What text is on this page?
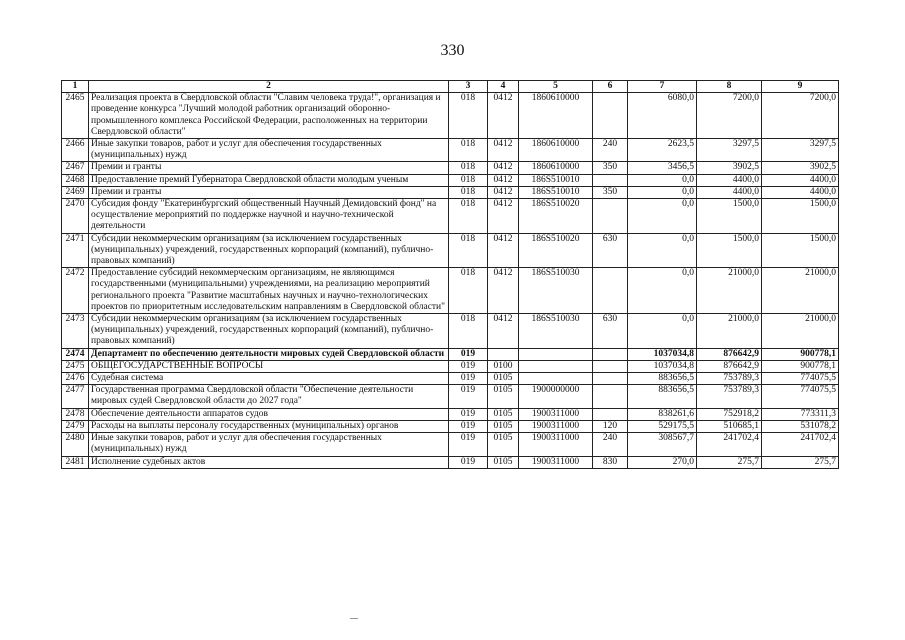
330
1	2	3	4	5	6	7	8	9
2465	Реализация проекта в Свердловской области "Славим человека труда!", организация и проведение конкурса "Лучший молодой работник организаций оборонно-промышленного комплекса Российской Федерации, расположенных на территории Свердловской области"	018	0412	1860610000		6080,0	7200,0	7200,0
2466	Иные закупки товаров, работ и услуг для обеспечения государственных (муниципальных) нужд	018	0412	1860610000	240	2623,5	3297,5	3297,5
2467	Премии и гранты	018	0412	1860610000	350	3456,5	3902,5	3902,5
2468	Предоставление премий Губернатора Свердловской области молодым ученым	018	0412	186S510010		0,0	4400,0	4400,0
2469	Премии и гранты	018	0412	186S510010	350	0,0	4400,0	4400,0
2470	Субсидия фонду "Екатеринбургский общественный Научный Демидовский фонд" на осуществление мероприятий по поддержке научной и научно-технической деятельности	018	0412	186S510020		0,0	1500,0	1500,0
2471	Субсидии некоммерческим организациям (за исключением государственных (муниципальных) учреждений, государственных корпораций (компаний), публично-правовых компаний)	018	0412	186S510020	630	0,0	1500,0	1500,0
2472	Предоставление субсидий некоммерческим организациям, не являющимся государственными (муниципальными) учреждениями, на реализацию мероприятий регионального проекта "Развитие масштабных научных и научно-технологических проектов по приоритетным исследовательским направлениям в Свердловской области"	018	0412	186S510030		0,0	21000,0	21000,0
2473	Субсидии некоммерческим организациям (за исключением государственных (муниципальных) учреждений, государственных корпораций (компаний), публично-правовых компаний)	018	0412	186S510030	630	0,0	21000,0	21000,0
2474	Департамент по обеспечению деятельности мировых судей Свердловской области	019				1037034,8	876642,9	900778,1
2475	ОБЩЕГОСУДАРСТВЕННЫЕ ВОПРОСЫ	019	0100			1037034,8	876642,9	900778,1
2476	Судебная система	019	0105			883656,5	753789,3	774075,5
2477	Государственная программа Свердловской области "Обеспечение деятельности мировых судей Свердловской области до 2027 года"	019	0105	1900000000		883656,5	753789,3	774075,5
2478	Обеспечение деятельности аппаратов судов	019	0105	1900311000		838261,6	752918,2	773311,3
2479	Расходы на выплаты персоналу государственных (муниципальных) органов	019	0105	1900311000	120	529175,5	510685,1	531078,2
2480	Иные закупки товаров, работ и услуг для обеспечения государственных (муниципальных) нужд	019	0105	1900311000	240	308567,7	241702,4	241702,4
2481	Исполнение судебных актов	019	0105	1900311000	830	270,0	275,7	275,7
